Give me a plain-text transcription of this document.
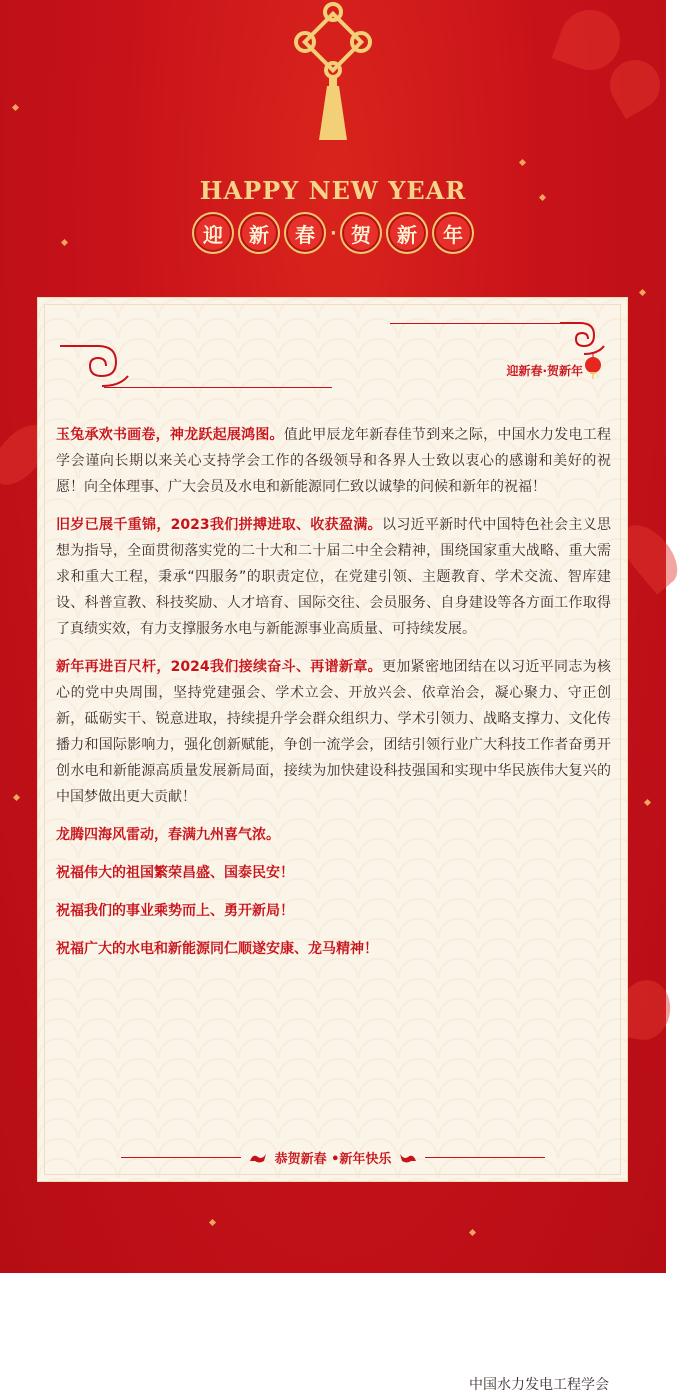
HAPPY NEW YEAR
迎	新	春 · 贺	新	年
迎新春·贺新年

玉兔承欢书画卷，神龙跃起展鸿图。值此甲辰龙年新春佳节到来之际，中国水力发电工程学会谨向长期以来关心支持学会工作的各级领导和各界人士致以衷心的感谢和美好的祝愿！向全体理事、广大会员及水电和新能源同仁致以诚挚的问候和新年的祝福！

旧岁已展千重锦，2023我们拼搏进取、收获盈满。以习近平新时代中国特色社会主义思想为指导，全面贯彻落实党的二十大和二十届二中全会精神，围绕国家重大战略、重大需求和重大工程，秉承“四服务”的职责定位，在党建引领、主题教育、学术交流、智库建设、科普宣教、科技奖励、人才培育、国际交往、会员服务、自身建设等各方面工作取得了真绩实效，有力支撑服务水电与新能源事业高质量、可持续发展。

新年再进百尺杆，2024我们接续奋斗、再谱新章。更加紧密地团结在以习近平同志为核心的党中央周围，坚持党建强会、学术立会、开放兴会、依章治会，凝心聚力、守正创新，砥砺实干、锐意进取，持续提升学会群众组织力、学术引领力、战略支撑力、文化传播力和国际影响力，强化创新赋能，争创一流学会，团结引领行业广大科技工作者奋勇开创水电和新能源高质量发展新局面，接续为加快建设科技强国和实现中华民族伟大复兴的中国梦做出更大贡献！

龙腾四海风雷动，春满九州喜气浓。

祝福伟大的祖国繁荣昌盛、国泰民安！

祝福我们的事业乘势而上、勇开新局！

祝福广大的水电和新能源同仁顺遂安康、龙马精神！

中国水力发电工程学会
恭贺新春 •新年快乐
